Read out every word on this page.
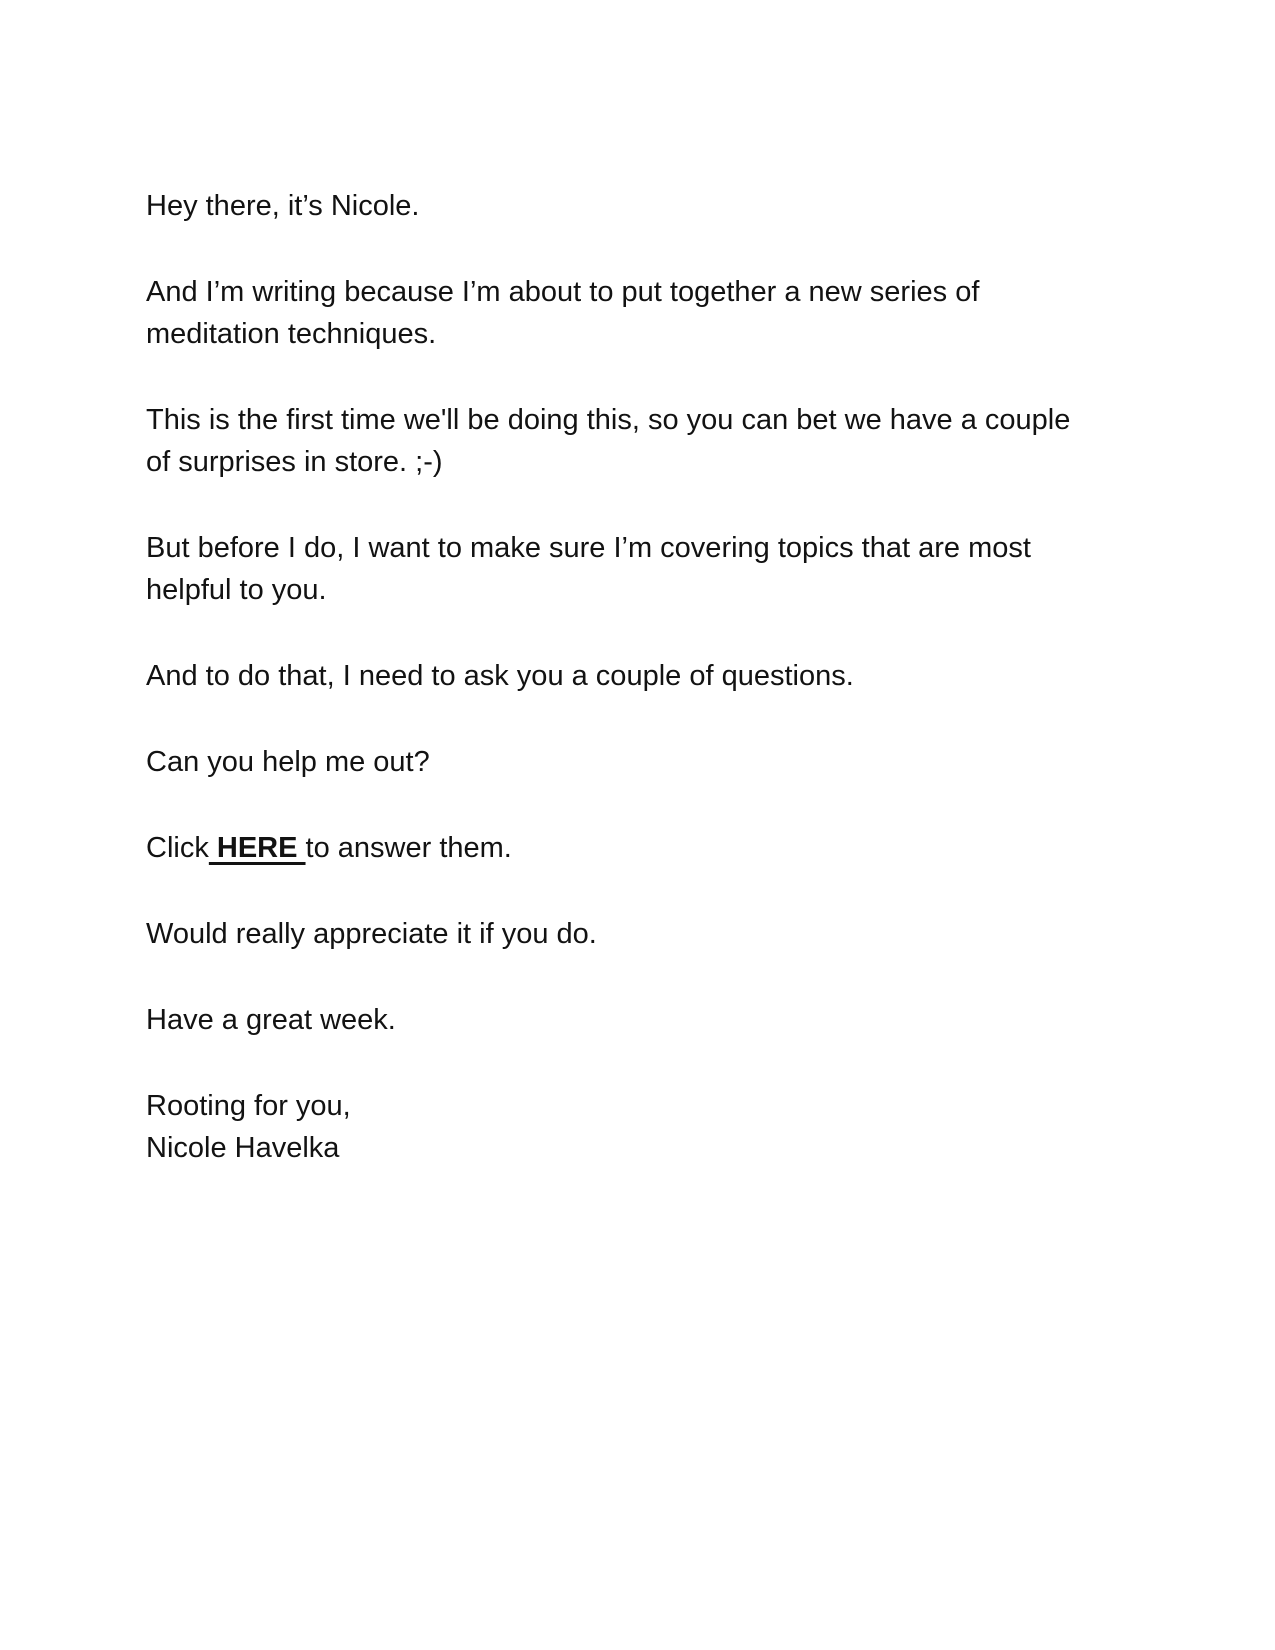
Hey there, it’s Nicole.

And I’m writing because I’m about to put together a new series of
meditation techniques.

This is the first time we'll be doing this, so you can bet we have a couple
of surprises in store. ;-)

But before I do, I want to make sure I’m covering topics that are most
helpful to you.

And to do that, I need to ask you a couple of questions.

Can you help me out?

Click HERE to answer them.

Would really appreciate it if you do.

Have a great week.

Rooting for you,
Nicole Havelka
